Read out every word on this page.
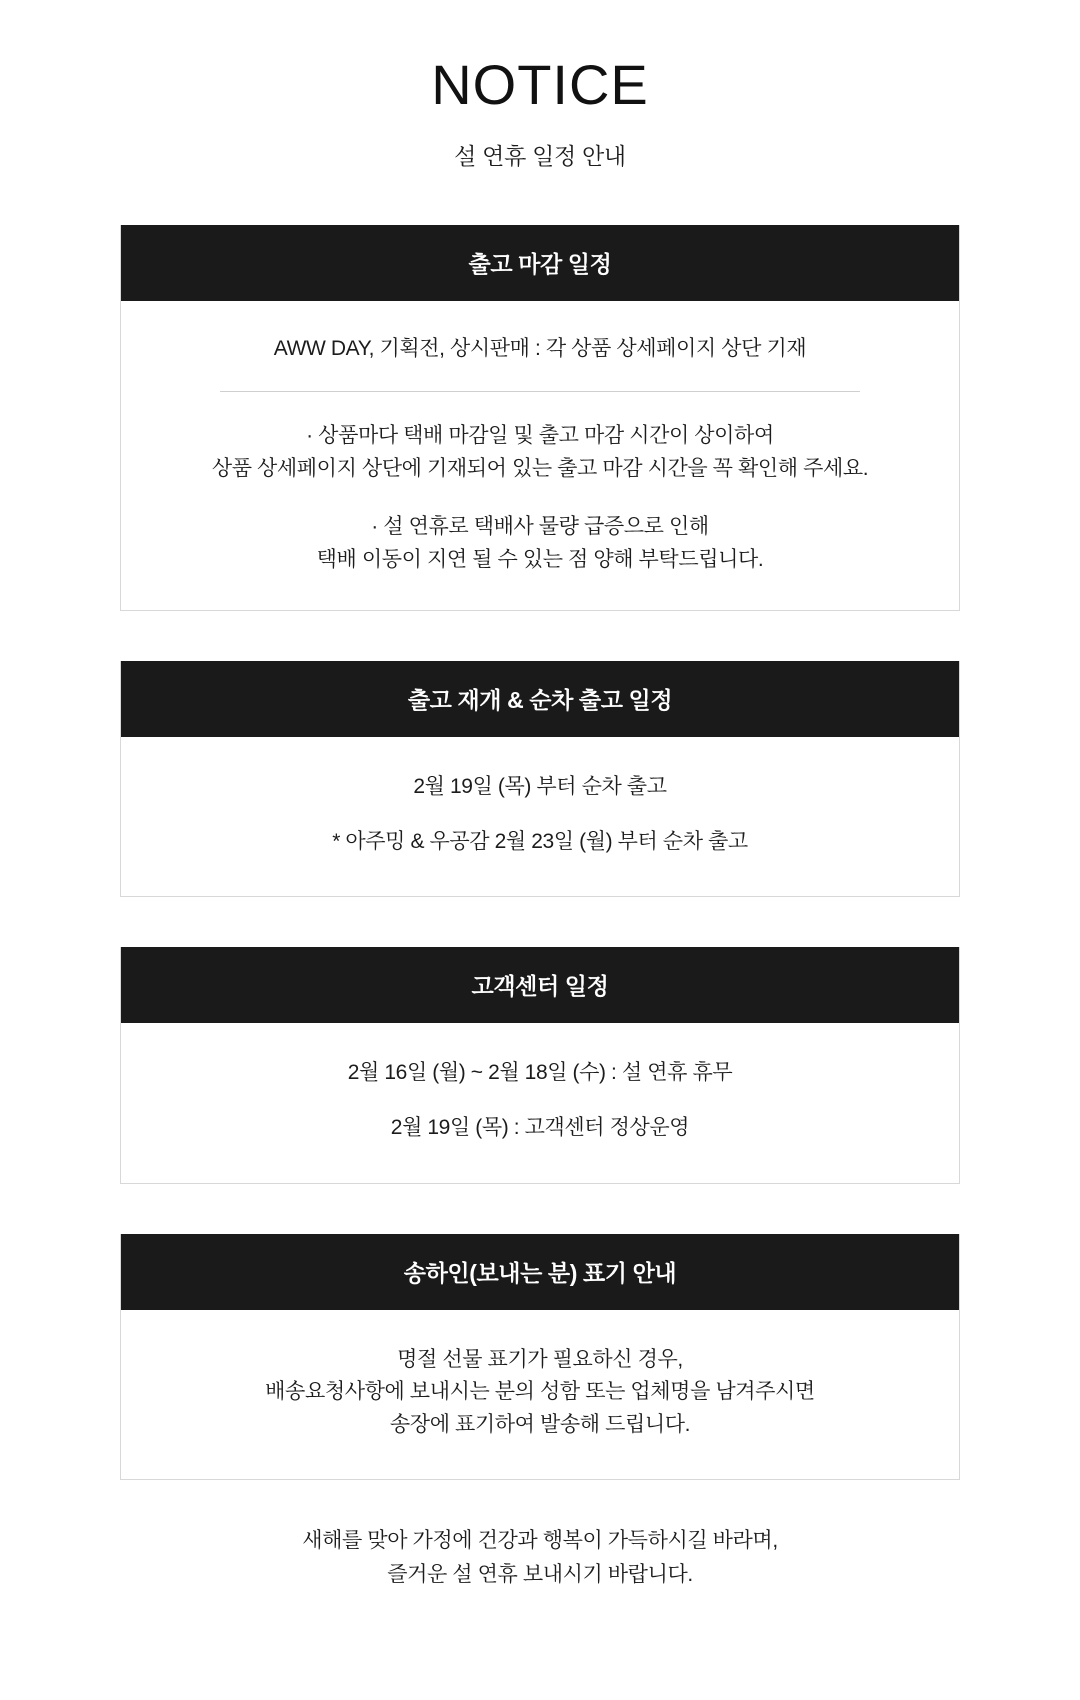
NOTICE
설 연휴 일정 안내
출고 마감 일정

AWW DAY, 기획전, 상시판매 : 각 상품 상세페이지 상단 기재

· 상품마다 택배 마감일 및 출고 마감 시간이 상이하여
상품 상세페이지 상단에 기재되어 있는 출고 마감 시간을 꼭 확인해 주세요.

· 설 연휴로 택배사 물량 급증으로 인해
택배 이동이 지연 될 수 있는 점 양해 부탁드립니다.

출고 재개 & 순차 출고 일정

2월 19일 (목) 부터 순차 출고

* 아주밍 & 우공감 2월 23일 (월) 부터 순차 출고

고객센터 일정

2월 16일 (월) ~ 2월 18일 (수) : 설 연휴 휴무

2월 19일 (목) : 고객센터 정상운영

송하인(보내는 분) 표기 안내

명절 선물 표기가 필요하신 경우,
배송요청사항에 보내시는 분의 성함 또는 업체명을 남겨주시면
송장에 표기하여 발송해 드립니다.

새해를 맞아 가정에 건강과 행복이 가득하시길 바라며,
즐거운 설 연휴 보내시기 바랍니다.
